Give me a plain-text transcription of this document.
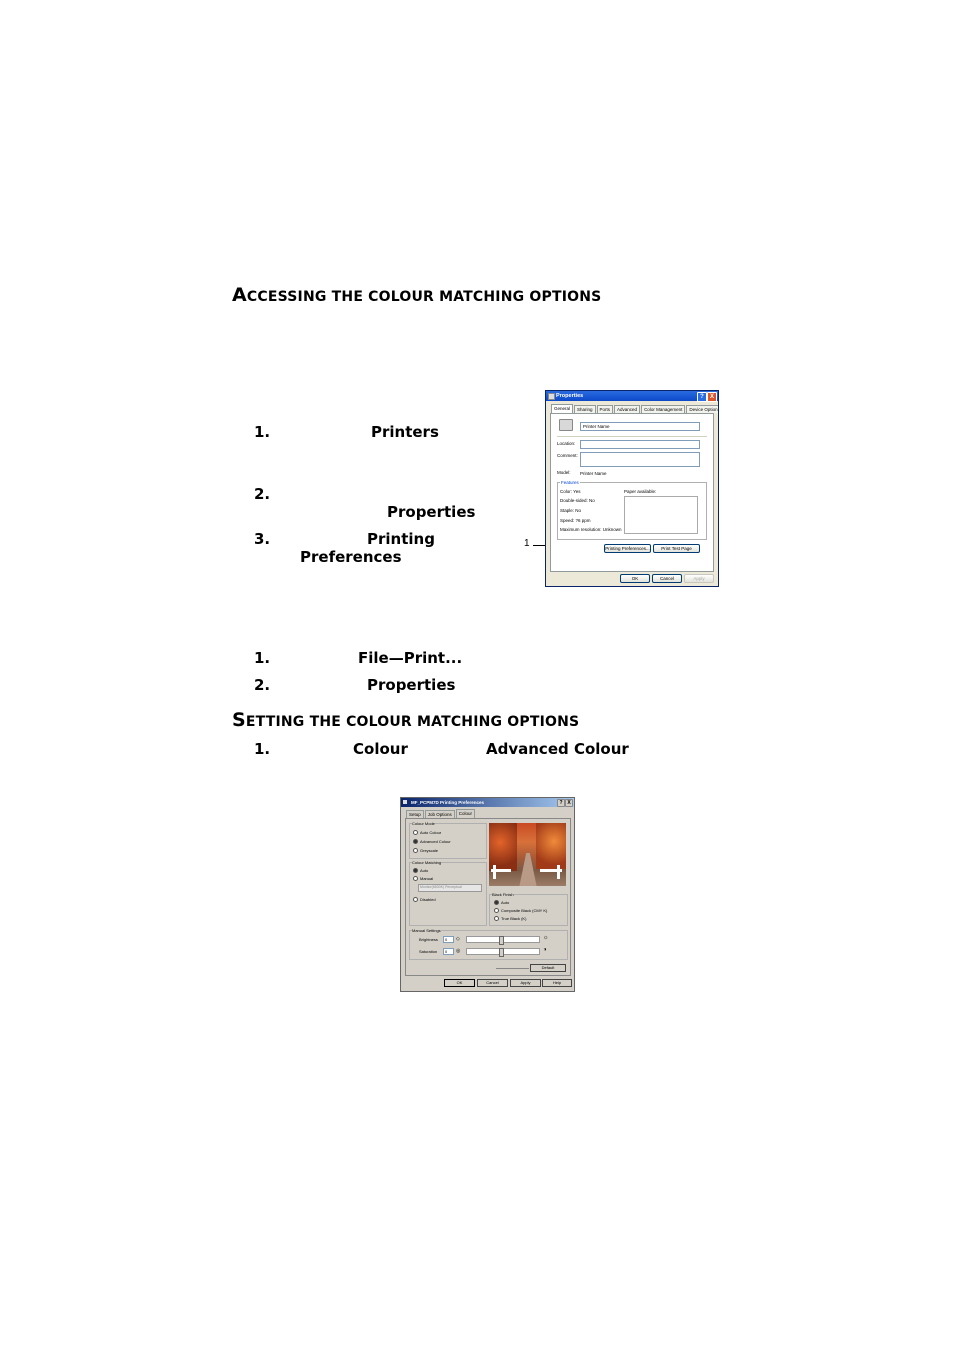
ACCESSING THE COLOUR MATCHING OPTIONS
1.	Printers
2.
Properties
3.	Printing
Preferences
1
Properties	?	X
General	Sharing	Ports	Advanced	Color Management	Device Option
Printer Name
Location:
Comment:
Model: Printer Name
Features
Color: Yes	Paper available:
Double-sided: No
Staple: No
Speed: ?6 ppm
Maximum resolution: Unknown
Printing Preferences...	Print Test Page
OK	Cancel	Apply
1.	File—Print...
2.	Properties
SETTING THE COLOUR MATCHING OPTIONS
1.	Colour	Advanced Colour
MF_PCPM7D Printing Preferences	? X
Setup	Job Options	Colour
Colour Mode
Auto Colour
Advanced Colour
Greyscale
Colour Matching
Auto
Manual
Monitor(6500K) Perceptual
Disabled
Black Finish
Auto
Composite Black (CMY K)
True Black (K)
Manual Settings
Brightness 0 ◇	☼
Saturation 0 ◎	◑
Default
OK	Cancel	Apply	Help
